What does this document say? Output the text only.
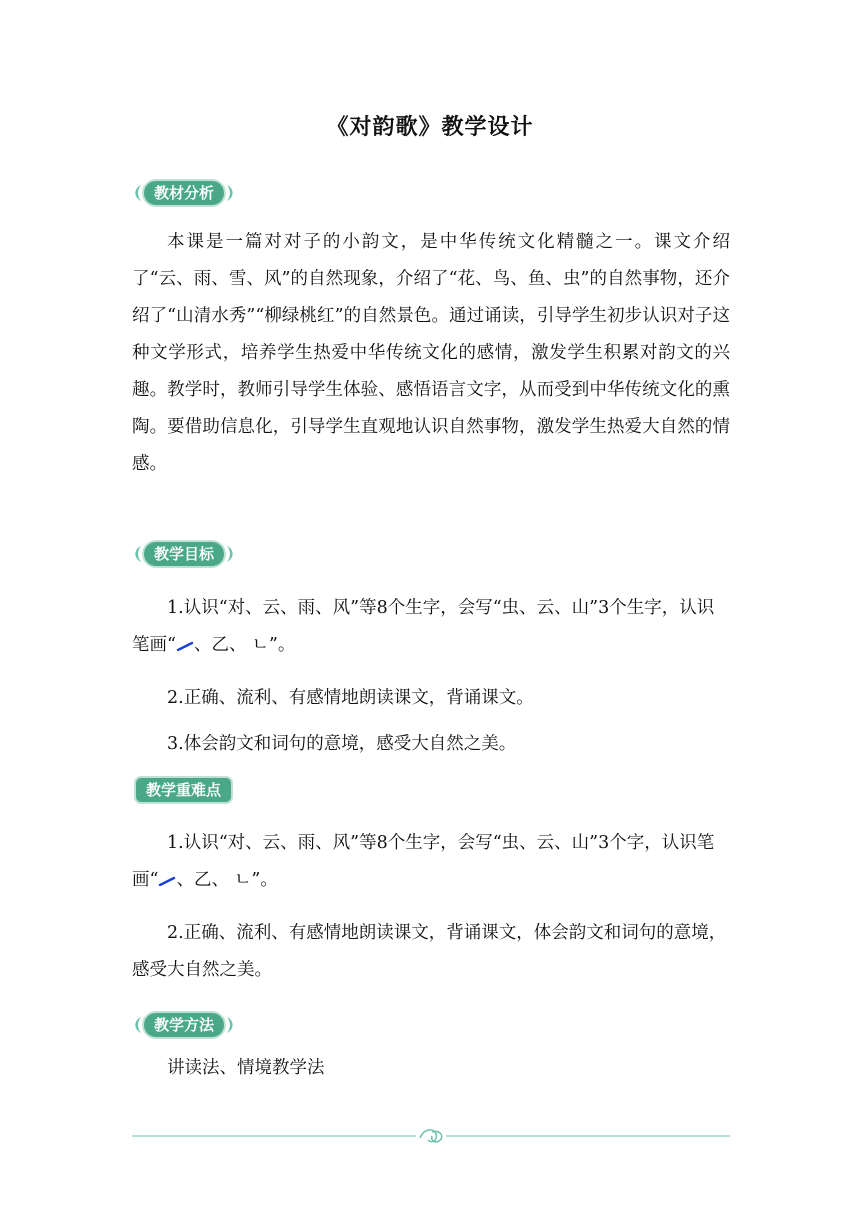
《对韵歌》教学设计
教材分析

本课是一篇对对子的小韵文，是中华传统文化精髓之一。课文介绍了“云、雨、雪、风”的自然现象，介绍了“花、鸟、鱼、虫”的自然事物，还介绍了“山清水秀”“柳绿桃红”的自然景色。通过诵读，引导学生初步认识对子这种文学形式，培养学生热爱中华传统文化的感情，激发学生积累对韵文的兴趣。教学时，教师引导学生体验、感悟语言文字，从而受到中华传统文化的熏陶。要借助信息化，引导学生直观地认识自然事物，激发学生热爱大自然的情感。

教学目标

1.认识“对、云、雨、风”等8个生字，会写“虫、云、山”3个生字，认识笔画“ 、乙、 ㄴ”。

2.正确、流利、有感情地朗读课文，背诵课文。

3.体会韵文和词句的意境，感受大自然之美。

教学重难点

1.认识“对、云、雨、风”等8个生字，会写“虫、云、山”3个字，认识笔画“ 、乙、 ㄴ”。

2.正确、流利、有感情地朗读课文，背诵课文，体会韵文和词句的意境，感受大自然之美。

教学方法

讲读法、情境教学法
